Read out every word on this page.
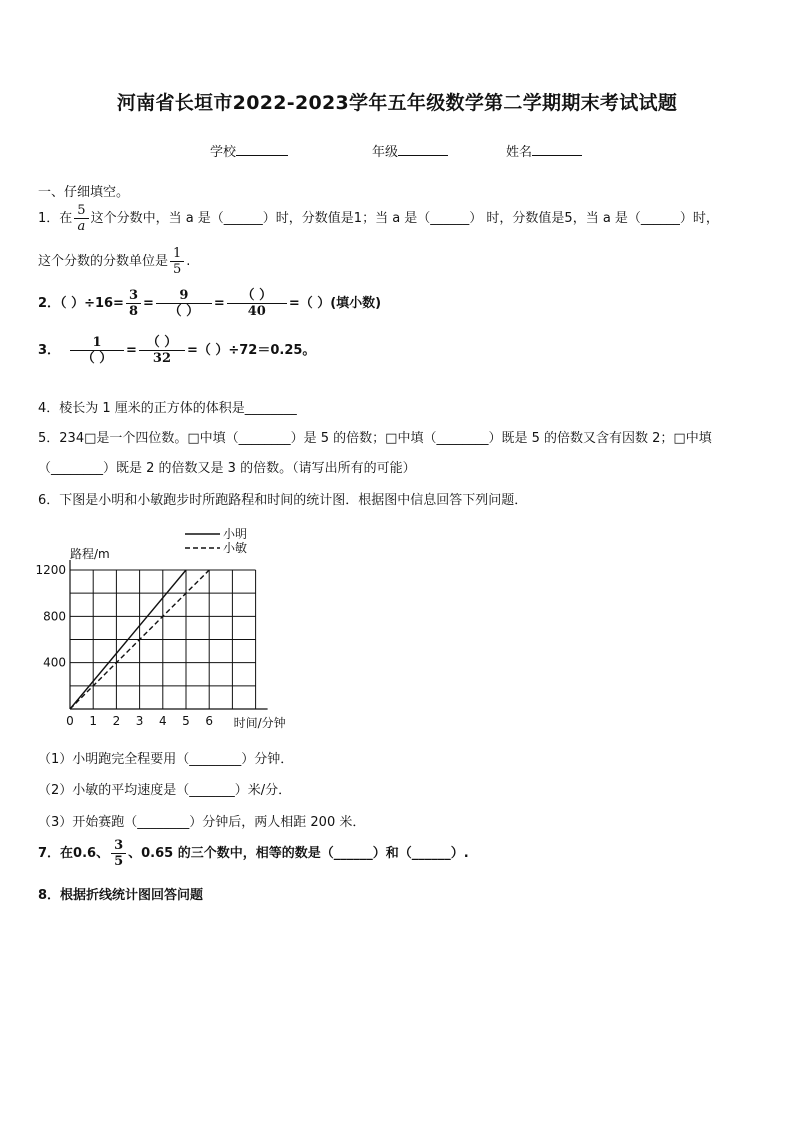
河南省长垣市2022-2023学年五年级数学第二学期期末考试试题
学校	年级	姓名
一、仔细填空。
1．在 $\frac{5}{a}$ 这个分数中，当 a 是（______）时，分数值是1；当 a 是（______） 时，分数值是5，当 a 是（______）时，
这个分数的分数单位是 $\frac{1}{5}$ .
2．（ ）$\div 16= \frac{3}{8} = \frac{9}{( )} = \frac{( )}{40}$ =（ ）(填小数)
3． $\frac{1}{( )} = \frac{( )}{32}$ =（ ）÷72＝0.25。
4．棱长为 1 厘米的正方体的体积是________
5．234□是一个四位数。□中填（________）是 5 的倍数；□中填（________）既是 5 的倍数又含有因数 2；□中填
（________）既是 2 的倍数又是 3 的倍数。（请写出所有的可能）
6．下图是小明和小敏跑步时所跑路程和时间的统计图．根据图中信息回答下列问题．
0 1 2 3 4 5 6
400
800
1200
小明
小敏
路程/m
时间/分钟
（1）小明跑完全程要用（________）分钟．
（2）小敏的平均速度是（_______）米/分．
（3）开始赛跑（________）分钟后，两人相距 200 米．
7．在0.6、 $\frac{3}{5}$ 、0.65 的三个数中，相等的数是（______）和（______）.
8．根据折线统计图回答问题
